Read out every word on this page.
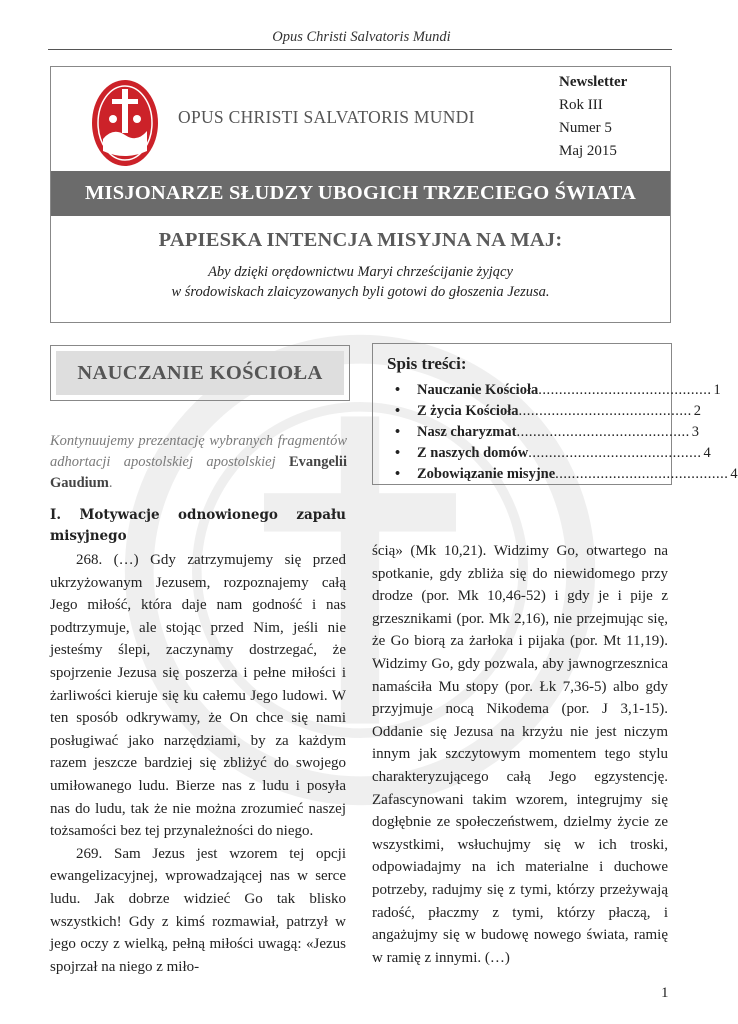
Opus Christi Salvatoris Mundi
OPUS CHRISTI SALVATORIS MUNDI
Newsletter
Rok III
Numer 5
Maj 2015
MISJONARZE SŁUDZY UBOGICH TRZECIEGO ŚWIATA
PAPIESKA INTENCJA MISYJNA NA MAJ:
Aby dzięki orędownictwu Maryi chrześcijanie żyjący
w środowiskach zlaicyzowanych byli gotowi do głoszenia Jezusa.
NAUCZANIE KOŚCIOŁA	Spis treści:
•	Nauczanie Kościoła .......................................... 1
•	Z życia Kościoła .......................................... 2
•	Nasz charyzmat .......................................... 3
•	Z naszych domów .......................................... 4
•	Zobowiązanie misyjne .......................................... 4
Kontynuujemy prezentację wybranych fragmentów adhortacji apostolskiej apostolskiej Evangelii Gaudium.
I. Motywacje odnowionego zapału misyjnego

268. (…) Gdy zatrzymujemy się przed ukrzyżowanym Jezusem, rozpoznajemy całą Jego miłość, która daje nam godność i nas podtrzymuje, ale stojąc przed Nim, jeśli nie jesteśmy ślepi, zaczynamy dostrzegać, że spojrzenie Jezusa się poszerza i pełne miłości i żarliwości kieruje się ku całemu Jego ludowi. W ten sposób odkrywamy, że On chce się nami posługiwać jako narzędziami, by za każdym razem jeszcze bardziej się zbliżyć do swojego umiłowanego ludu. Bierze nas z ludu i posyła nas do ludu, tak że nie można zrozumieć naszej tożsamości bez tej przynależności do niego.

269. Sam Jezus jest wzorem tej opcji ewangelizacyjnej, wprowadzającej nas w serce ludu. Jak dobrze widzieć Go tak blisko wszystkich! Gdy z kimś rozmawiał, patrzył w jego oczy z wielką, pełną miłości uwagą: «Jezus spojrzał na niego z miło-

ścią» (Mk 10,21). Widzimy Go, otwartego na spotkanie, gdy zbliża się do niewidomego przy drodze (por. Mk 10,46-52) i gdy je i pije z grzesznikami (por. Mk 2,16), nie przejmując się, że Go biorą za żarłoka i pijaka (por. Mt 11,19). Widzimy Go, gdy pozwala, aby jawnogrzesznica namaściła Mu stopy (por. Łk 7,36-5) albo gdy przyjmuje nocą Nikodema (por. J 3,1-15). Oddanie się Jezusa na krzyżu nie jest niczym innym jak szczytowym momentem tego stylu charakteryzującego całą Jego egzystencję. Zafascynowani takim wzorem, integrujmy się dogłębnie ze społeczeństwem, dzielmy życie ze wszystkimi, wsłuchujmy się w ich troski, odpowiadajmy na ich materialne i duchowe potrzeby, radujmy się z tymi, którzy przeżywają radość, płaczmy z tymi, którzy płaczą, i angażujmy się w budowę nowego świata, ramię w ramię z innymi. (…)

1
